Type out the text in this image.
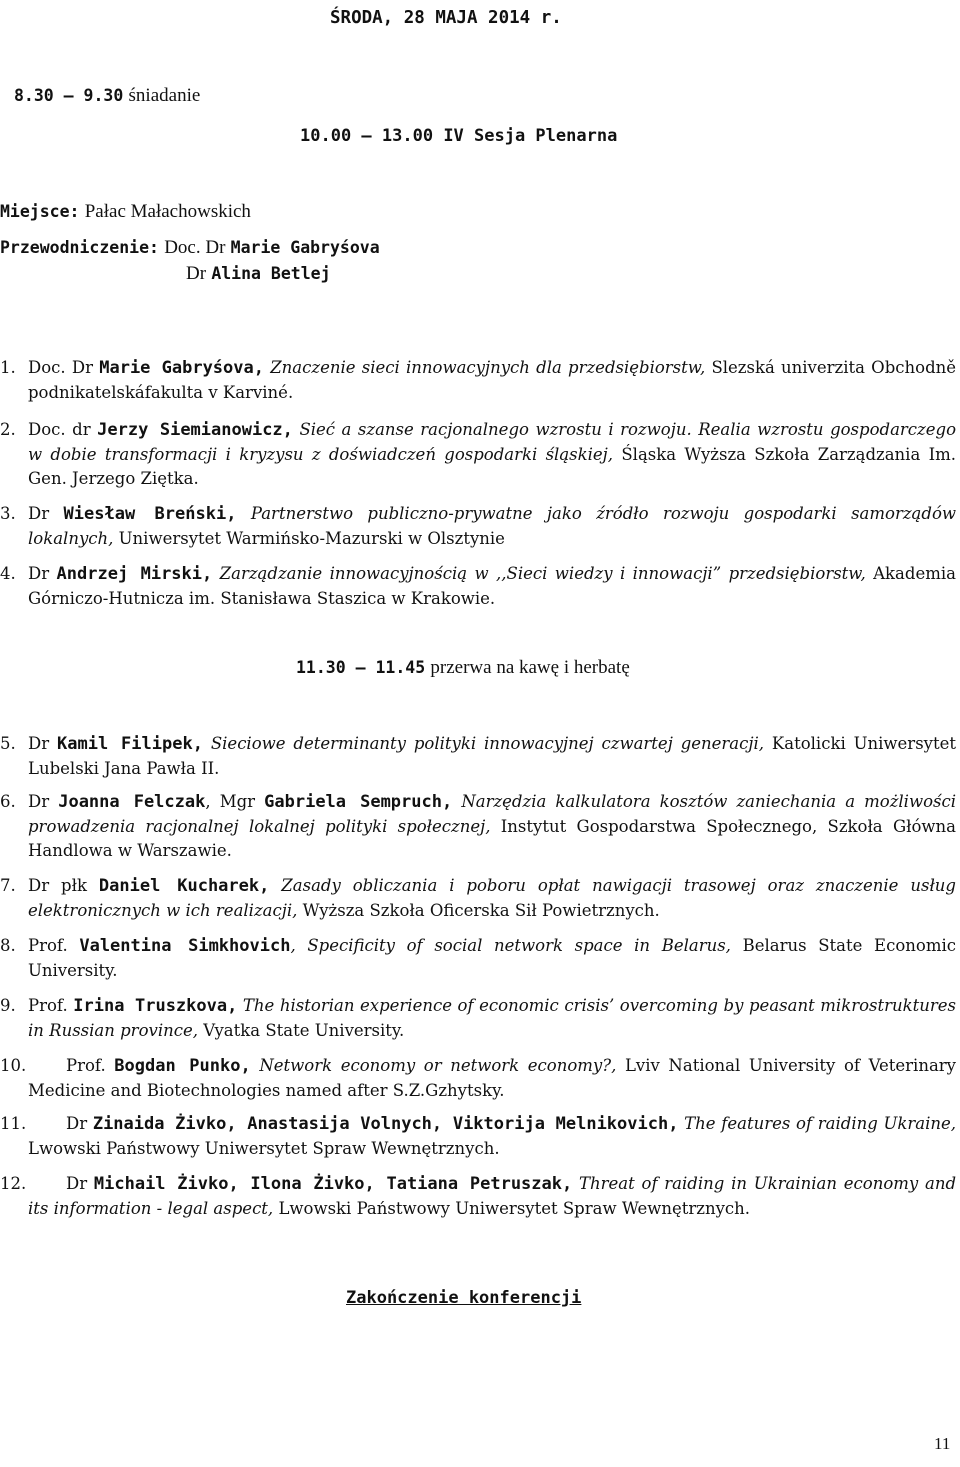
ŚRODA, 28 MAJA 2014 r.
8.30 – 9.30 śniadanie
10.00 – 13.00 IV Sesja Plenarna
Miejsce: Pałac Małachowskich
Przewodniczenie: Doc. Dr Marie Gabryśova
Dr Alina Betlej
1. Doc. Dr Marie Gabryśova, Znaczenie sieci innowacyjnych dla przedsiębiorstw, Slezská univerzita Obchodně podnikatelskáfakulta v Karviné.
2. Doc. dr Jerzy Siemianowicz, Sieć a szanse racjonalnego wzrostu i rozwoju. Realia wzrostu gospodarczego w dobie transformacji i kryzysu z doświadczeń gospodarki śląskiej, Śląska Wyższa Szkoła Zarządzania Im. Gen. Jerzego Ziętka.
3. Dr Wiesław Breński, Partnerstwo publiczno-prywatne jako źródło rozwoju gospodarki samorządów lokalnych, Uniwersytet Warmińsko-Mazurski w Olsztynie
4. Dr Andrzej Mirski, Zarządzanie innowacyjnością w ,,Sieci wiedzy i innowacji” przedsiębiorstw, Akademia Górniczo-Hutnicza im. Stanisława Staszica w Krakowie.
11.30 – 11.45 przerwa na kawę i herbatę
5. Dr Kamil Filipek, Sieciowe determinanty polityki innowacyjnej czwartej generacji, Katolicki Uniwersytet Lubelski Jana Pawła II.
6. Dr Joanna Felczak, Mgr Gabriela Sempruch, Narzędzia kalkulatora kosztów zaniechania a możliwości prowadzenia racjonalnej lokalnej polityki społecznej, Instytut Gospodarstwa Społecznego, Szkoła Główna Handlowa w Warszawie.
7. Dr płk Daniel Kucharek, Zasady obliczania i poboru opłat nawigacji trasowej oraz znaczenie usług elektronicznych w ich realizacji, Wyższa Szkoła Oficerska Sił Powietrznych.
8. Prof. Valentina Simkhovich, Specificity of social network space in Belarus, Belarus State Economic University.
9. Prof. Irina Truszkova, The historian experience of economic crisis’ overcoming by peasant mikrostruktures in Russian province, Vyatka State University.
10.	Prof. Bogdan Punko, Network economy or network economy?, Lviv National University of Veterinary Medicine and Biotechnologies named after S.Z.Gzhytsky.
11.	Dr Zinaida Żivko, Anastasija Volnych, Viktorija Melnikovich, The features of raiding Ukraine, Lwowski Państwowy Uniwersytet Spraw Wewnętrznych.
12.	Dr Michail Żivko, Ilona Żivko, Tatiana Petruszak, Threat of raiding in Ukrainian economy and its information - legal aspect, Lwowski Państwowy Uniwersytet Spraw Wewnętrznych.
Zakończenie konferencji
11
